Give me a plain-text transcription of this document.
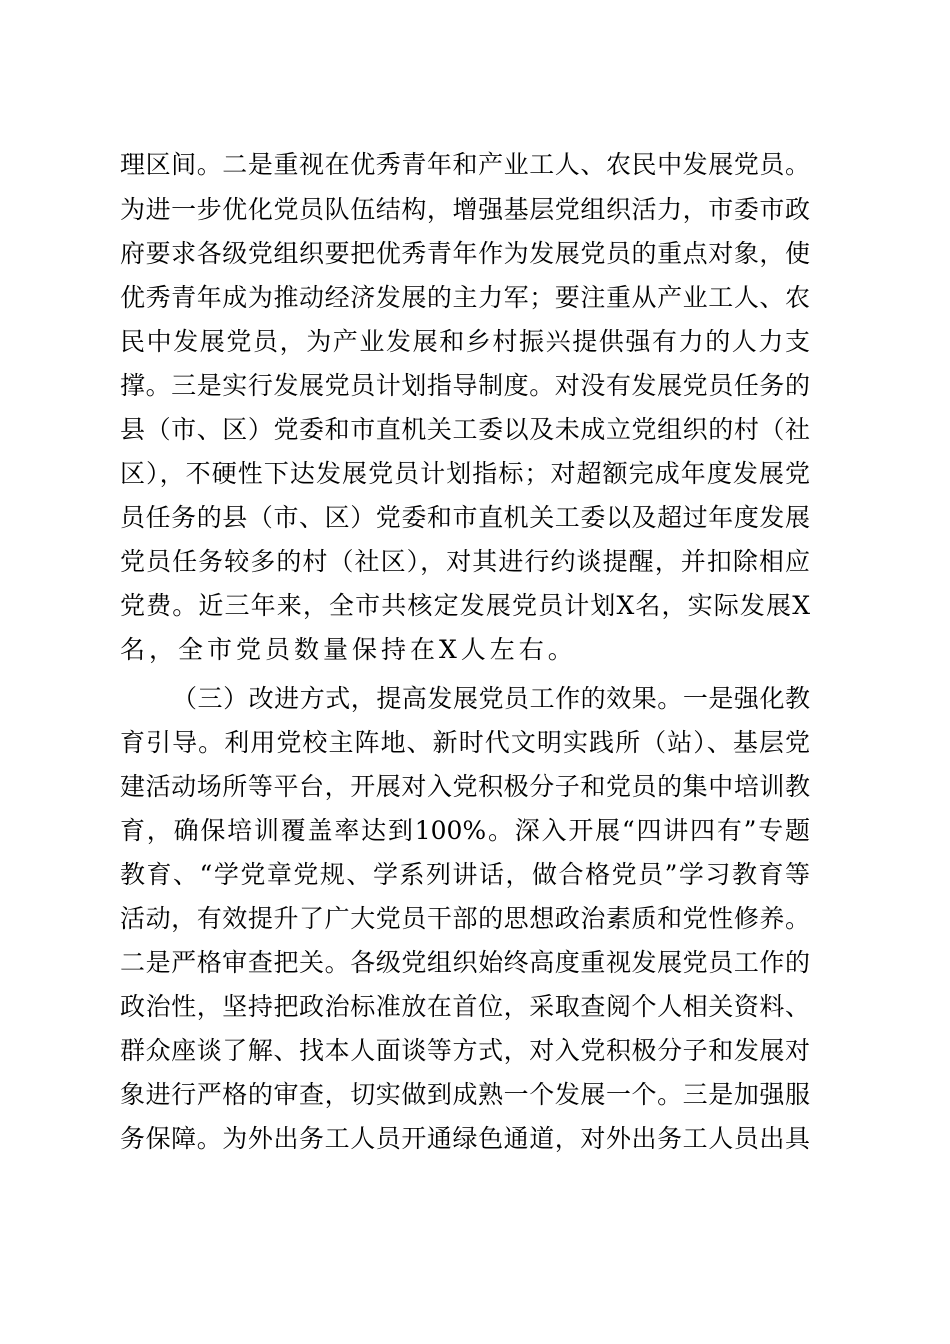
理区间。二是重视在优秀青年和产业工人、农民中发展党员。
为进一步优化党员队伍结构，增强基层党组织活力，市委市政
府要求各级党组织要把优秀青年作为发展党员的重点对象，使
优秀青年成为推动经济发展的主力军；要注重从产业工人、农
民中发展党员，为产业发展和乡村振兴提供强有力的人力支
撑。三是实行发展党员计划指导制度。对没有发展党员任务的
县（市、区）党委和市直机关工委以及未成立党组织的村（社
区），不硬性下达发展党员计划指标；对超额完成年度发展党
员任务的县（市、区）党委和市直机关工委以及超过年度发展
党员任务较多的村（社区），对其进行约谈提醒，并扣除相应
党费。近三年来，全市共核定发展党员计划X名，实际发展X
名，全市党员数量保持在X人左右。
（三）改进方式，提高发展党员工作的效果。一是强化教
育引导。利用党校主阵地、新时代文明实践所（站）、基层党
建活动场所等平台，开展对入党积极分子和党员的集中培训教
育，确保培训覆盖率达到100%。深入开展“四讲四有”专题
教育、“学党章党规、学系列讲话，做合格党员”学习教育等
活动，有效提升了广大党员干部的思想政治素质和党性修养。
二是严格审查把关。各级党组织始终高度重视发展党员工作的
政治性，坚持把政治标准放在首位，采取查阅个人相关资料、
群众座谈了解、找本人面谈等方式，对入党积极分子和发展对
象进行严格的审查，切实做到成熟一个发展一个。三是加强服
务保障。为外出务工人员开通绿色通道，对外出务工人员出具
